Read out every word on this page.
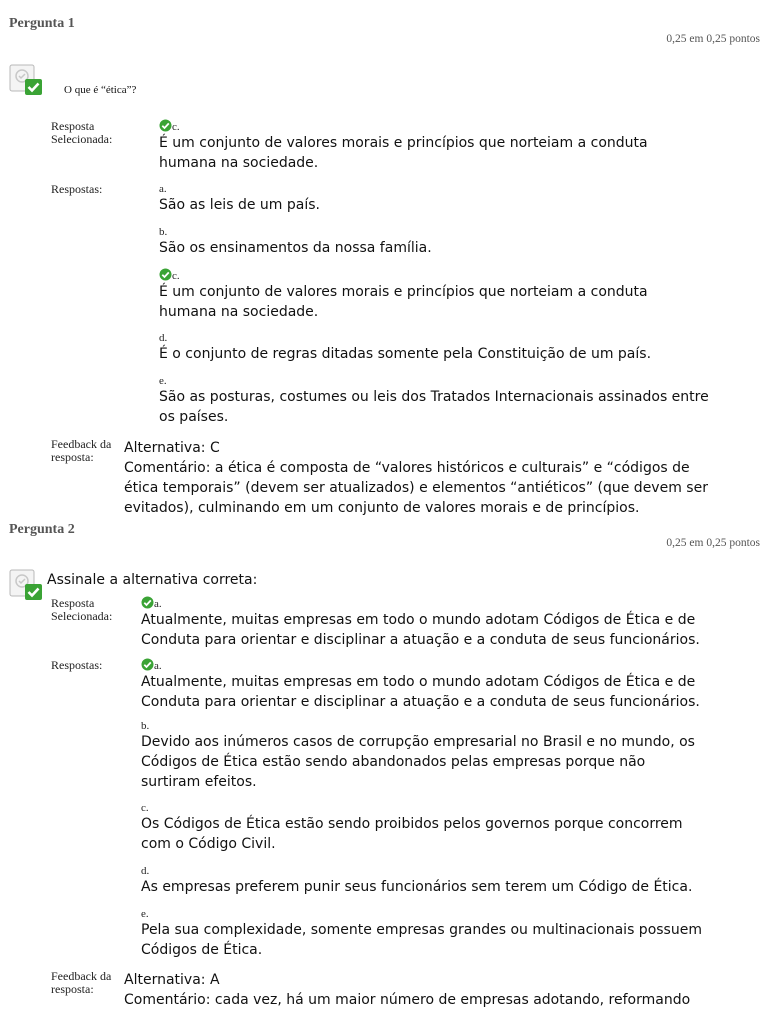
Pergunta 1
0,25 em 0,25 pontos
O que é “ética”?
Resposta
Selecionada:
c.
É um conjunto de valores morais e princípios que norteiam a conduta
humana na sociedade.
Respostas:	a.
São as leis de um país.
b.
São os ensinamentos da nossa família.
c.
É um conjunto de valores morais e princípios que norteiam a conduta
humana na sociedade.
d.
É o conjunto de regras ditadas somente pela Constituição de um país.
e.
São as posturas, costumes ou leis dos Tratados Internacionais assinados entre
os países.
Feedback da
resposta:
Alternativa: C
Comentário: a ética é composta de “valores históricos e culturais” e “códigos de
ética temporais” (devem ser atualizados) e elementos “antiéticos” (que devem ser
evitados), culminando em um conjunto de valores morais e de princípios.
Pergunta 2
0,25 em 0,25 pontos
Assinale a alternativa correta:
Resposta
Selecionada:
a.
Atualmente, muitas empresas em todo o mundo adotam Códigos de Ética e de
Conduta para orientar e disciplinar a atuação e a conduta de seus funcionários.
Respostas:	a.
Atualmente, muitas empresas em todo o mundo adotam Códigos de Ética e de
Conduta para orientar e disciplinar a atuação e a conduta de seus funcionários.
b.
Devido aos inúmeros casos de corrupção empresarial no Brasil e no mundo, os
Códigos de Ética estão sendo abandonados pelas empresas porque não
surtiram efeitos.
c.
Os Códigos de Ética estão sendo proibidos pelos governos porque concorrem
com o Código Civil.
d.
As empresas preferem punir seus funcionários sem terem um Código de Ética.
e.
Pela sua complexidade, somente empresas grandes ou multinacionais possuem
Códigos de Ética.
Feedback da
resposta:
Alternativa: A
Comentário: cada vez, há um maior número de empresas adotando, reformando
